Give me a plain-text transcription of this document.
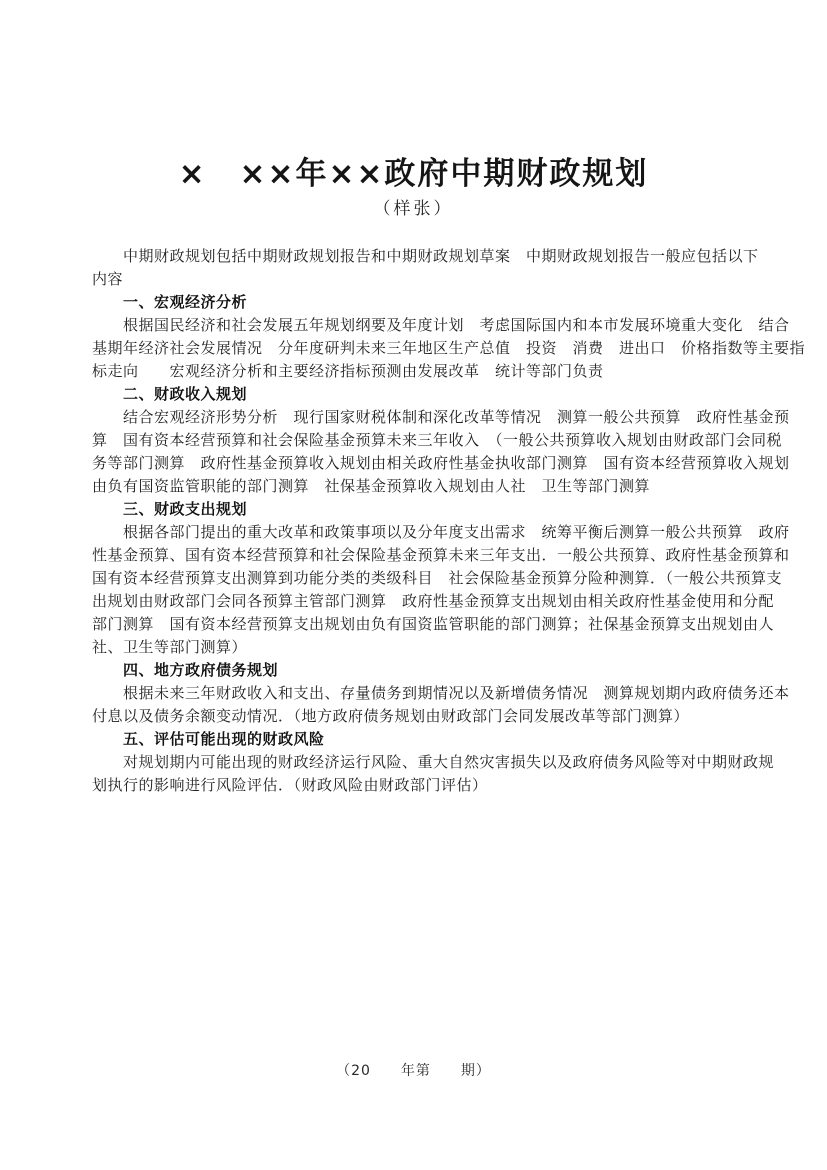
×　××年××政府中期财政规划
（样张）
　　中期财政规划包括中期财政规划报告和中期财政规划草案　中期财政规划报告一般应包括以下
内容
　　一、宏观经济分析
　　根据国民经济和社会发展五年规划纲要及年度计划　考虑国际国内和本市发展环境重大变化　结合
基期年经济社会发展情况　分年度研判未来三年地区生产总值　投资　消费　进出口　价格指数等主要指
标走向　　宏观经济分析和主要经济指标预测由发展改革　统计等部门负责
　　二、财政收入规划
　　结合宏观经济形势分析　现行国家财税体制和深化改革等情况　测算一般公共预算　政府性基金预
算　国有资本经营预算和社会保险基金预算未来三年收入　（一般公共预算收入规划由财政部门会同税
务等部门测算　政府性基金预算收入规划由相关政府性基金执收部门测算　国有资本经营预算收入规划
由负有国资监管职能的部门测算　社保基金预算收入规划由人社　卫生等部门测算
　　三、财政支出规划
　　根据各部门提出的重大改革和政策事项以及分年度支出需求　统筹平衡后测算一般公共预算　政府
性基金预算、国有资本经营预算和社会保险基金预算未来三年支出．一般公共预算、政府性基金预算和
国有资本经营预算支出测算到功能分类的类级科目　社会保险基金预算分险种测算．（一般公共预算支
出规划由财政部门会同各预算主管部门测算　政府性基金预算支出规划由相关政府性基金使用和分配
部门测算　国有资本经营预算支出规划由负有国资监管职能的部门测算；社保基金预算支出规划由人
社、卫生等部门测算）
　　四、地方政府债务规划
　　根据未来三年财政收入和支出、存量债务到期情况以及新增债务情况　测算规划期内政府债务还本
付息以及债务余额变动情况．（地方政府债务规划由财政部门会同发展改革等部门测算）
　　五、评估可能出现的财政风险
　　对规划期内可能出现的财政经济运行风险、重大自然灾害损失以及政府债务风险等对中期财政规
划执行的影响进行风险评估．（财政风险由财政部门评估）
（20　　年第　　期）
